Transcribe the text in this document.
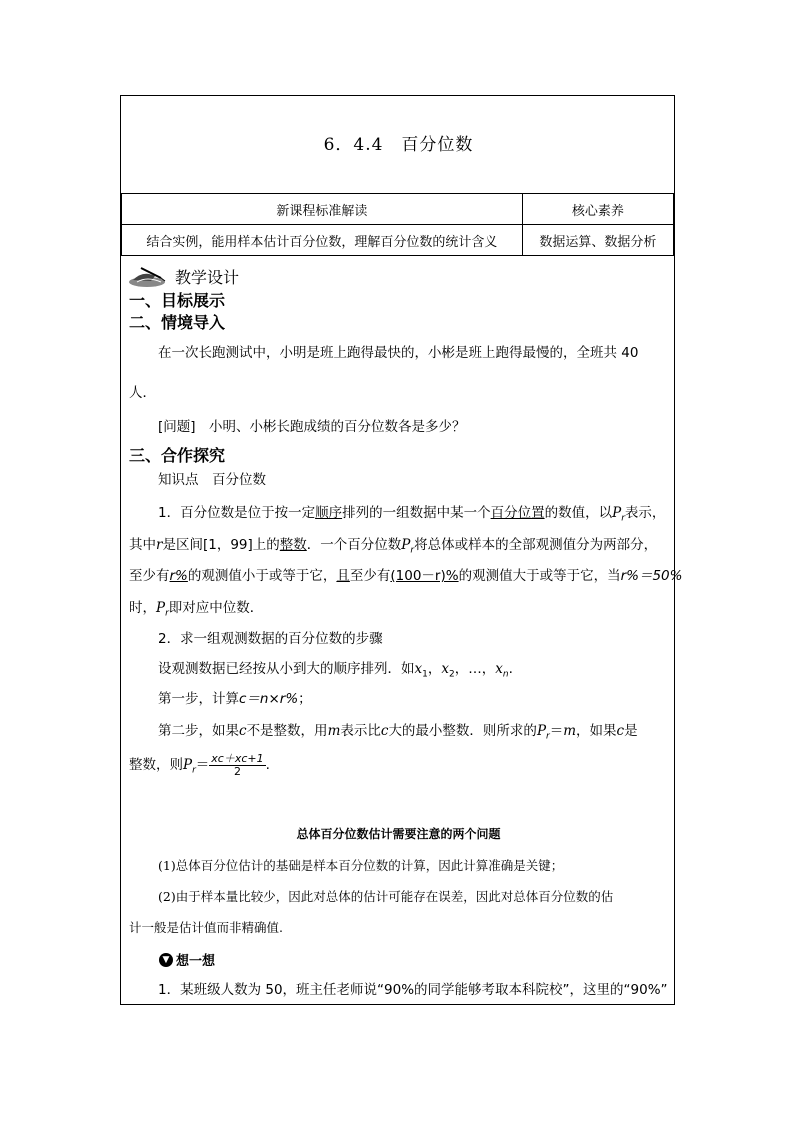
6．4.4　百分位数
新课程标准解读	核心素养
结合实例，能用样本估计百分位数，理解百分位数的统计含义	数据运算、数据分析
教学设计
一、目标展示
二、情境导入
在一次长跑测试中，小明是班上跑得最快的，小彬是班上跑得最慢的，全班共 40
人．
[问题]　小明、小彬长跑成绩的百分位数各是多少？
三、合作探究
知识点　百分位数
1．百分位数是位于按一定顺序排列的一组数据中某一个百分位置的数值，以$P_r$表示，
其中r是区间[1，99]上的整数．一个百分位数$P_r$将总体或样本的全部观测值分为两部分，
至少有r%的观测值小于或等于它，且至少有(100－r)%的观测值大于或等于它，当r%＝50%
时，$P_r$即对应中位数．
2．求一组观测数据的百分位数的步骤
设观测数据已经按从小到大的顺序排列．如$x_1$，$x_2$，…，$x_n$.
第一步，计算c＝n×r%；
第二步，如果c不是整数，用m表示比c大的最小整数．则所求的$P_r=m$，如果c是
整数，则$P_r= \frac{xc+xc+1}{2}$ .
总体百分位数估计需要注意的两个问题
(1)总体百分位估计的基础是样本百分位数的计算，因此计算准确是关键；
(2)由于样本量比较少，因此对总体的估计可能存在误差，因此对总体百分位数的估
计一般是估计值而非精确值.
▼ 想一想
1．某班级人数为 50，班主任老师说“90%的同学能够考取本科院校”，这里的“90%”
